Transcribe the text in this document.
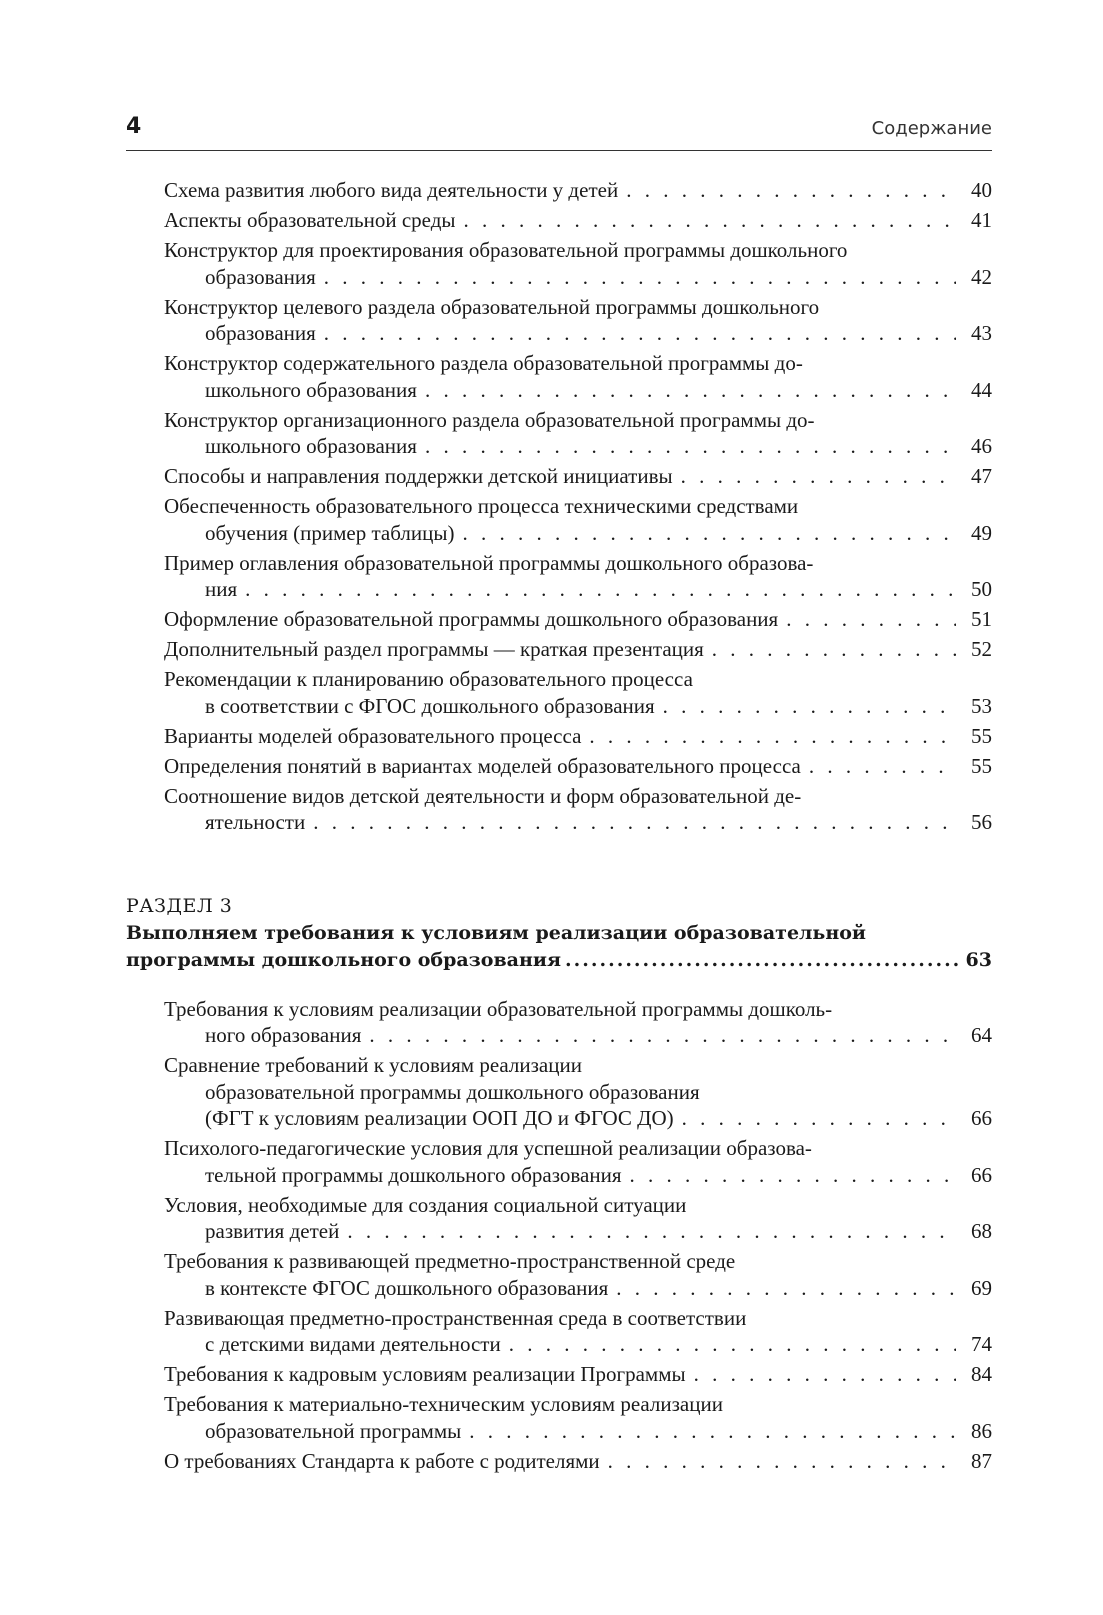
4	Содержание
Схема развития любого вида деятельности у детей . . .	40
Аспекты образовательной среды . . .	41
Конструктор для проектирования образовательной программы дошкольного
образования . . .	42
Конструктор целевого раздела образовательной программы дошкольного
образования . . .	43
Конструктор содержательного раздела образовательной программы до-
школьного образования . . .	44
Конструктор организационного раздела образовательной программы до-
школьного образования . . .	46
Способы и направления поддержки детской инициативы . . .	47
Обеспеченность образовательного процесса техническими средствами
обучения (пример таблицы) . . .	49
Пример оглавления образовательной программы дошкольного образова-
ния . . .	50
Оформление образовательной программы дошкольного образования . . .	51
Дополнительный раздел программы — краткая презентация . . .	52
Рекомендации к планированию образовательного процесса
в соответствии с ФГОС дошкольного образования . . .	53
Варианты моделей образовательного процесса . . .	55
Определения понятий в вариантах моделей образовательного процесса . . .	55
Соотношение видов детской деятельности и форм образовательной де-
ятельности . . .	56
РАЗДЕЛ 3
Выполняем требования к условиям реализации образовательной
программы дошкольного образования .....	63
Требования к условиям реализации образовательной программы дошколь-
ного образования . . .	64
Сравнение требований к условиям реализации
образовательной программы дошкольного образования
(ФГТ к условиям реализации ООП ДО и ФГОС ДО) . . .	66
Психолого-педагогические условия для успешной реализации образова-
тельной программы дошкольного образования . . .	66
Условия, необходимые для создания социальной ситуации
развития детей . . .	68
Требования к развивающей предметно-пространственной среде
в контексте ФГОС дошкольного образования . . .	69
Развивающая предметно-пространственная среда в соответствии
с детскими видами деятельности . . .	74
Требования к кадровым условиям реализации Программы . . .	84
Требования к материально-техническим условиям реализации
образовательной программы . . .	86
О требованиях Стандарта к работе с родителями . . .	87
